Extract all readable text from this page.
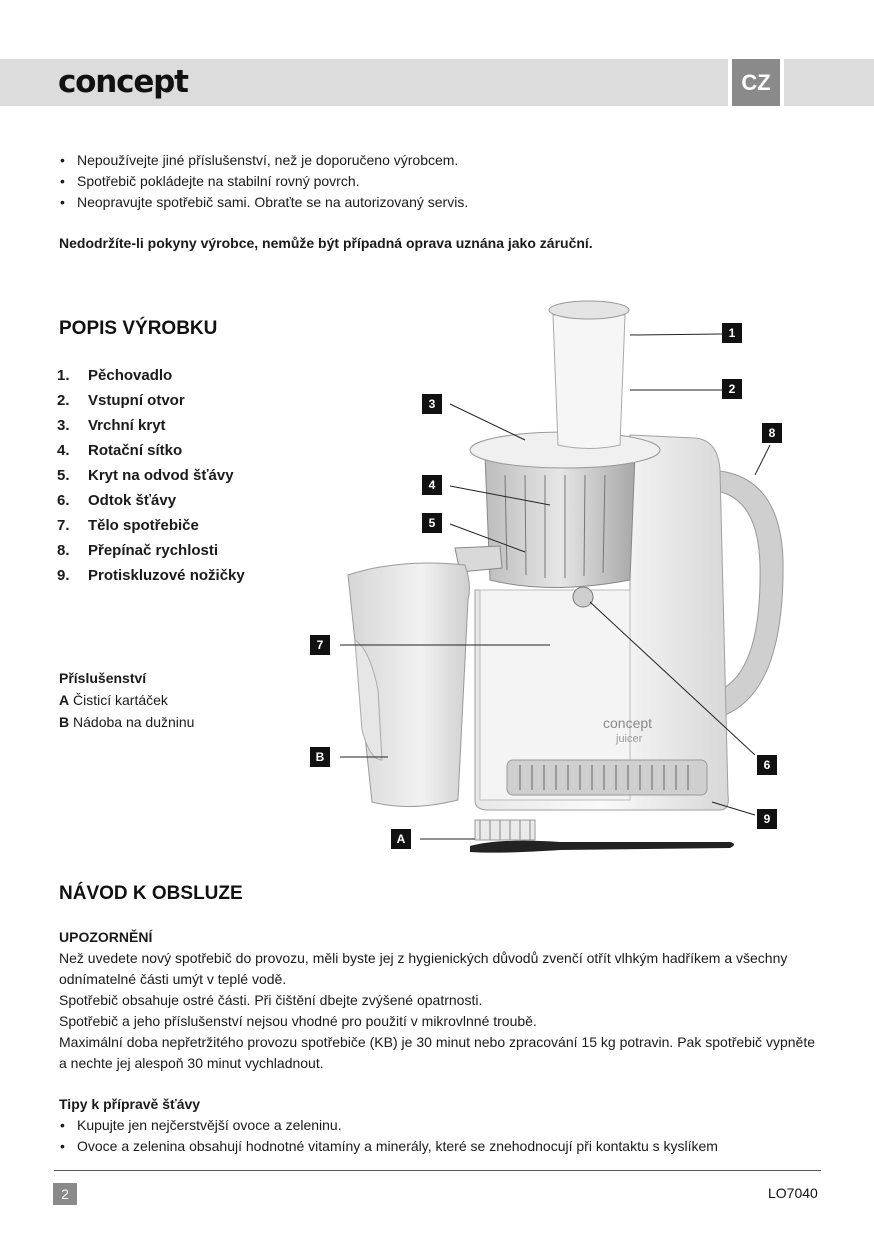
concept	CZ
• Nepoužívejte jiné příslušenství, než je doporučeno výrobcem.
• Spotřebič pokládejte na stabilní rovný povrch.
• Neopravujte spotřebič sami. Obraťte se na autorizovaný servis.
Nedodržíte-li pokyny výrobce, nemůže být případná oprava uznána jako záruční.
POPIS VÝROBKU
1.	Pěchovadlo
2.	Vstupní otvor
3.	Vrchní kryt
4.	Rotační sítko
5.	Kryt na odvod šťávy
6.	Odtok šťávy
7.	Tělo spotřebiče
8.	Přepínač rychlosti
9.	Protiskluzové nožičky
Příslušenství
A Čisticí kartáček
B Nádoba na dužninu	concept
juicer
1
2
3
4
5
6
7
8
9
A
B
NÁVOD K OBSLUZE
UPOZORNĚNÍ
Než uvedete nový spotřebič do provozu, měli byste jej z hygienických důvodů zvenčí otřít vlhkým hadříkem a všechny odnímatelné části umýt v teplé vodě.
Spotřebič obsahuje ostré části. Při čištění dbejte zvýšené opatrnosti.
Spotřebič a jeho příslušenství nejsou vhodné pro použití v mikrovlnné troubě.
Maximální doba nepřetržitého provozu spotřebiče (KB) je 30 minut nebo zpracování 15 kg potravin. Pak spotřebič vypněte a nechte jej alespoň 30 minut vychladnout.
Tipy k přípravě šťávy
• Kupujte jen nejčerstvější ovoce a zeleninu.
• Ovoce a zelenina obsahují hodnotné vitamíny a minerály, které se znehodnocují při kontaktu s kyslíkem
2	LO7040
